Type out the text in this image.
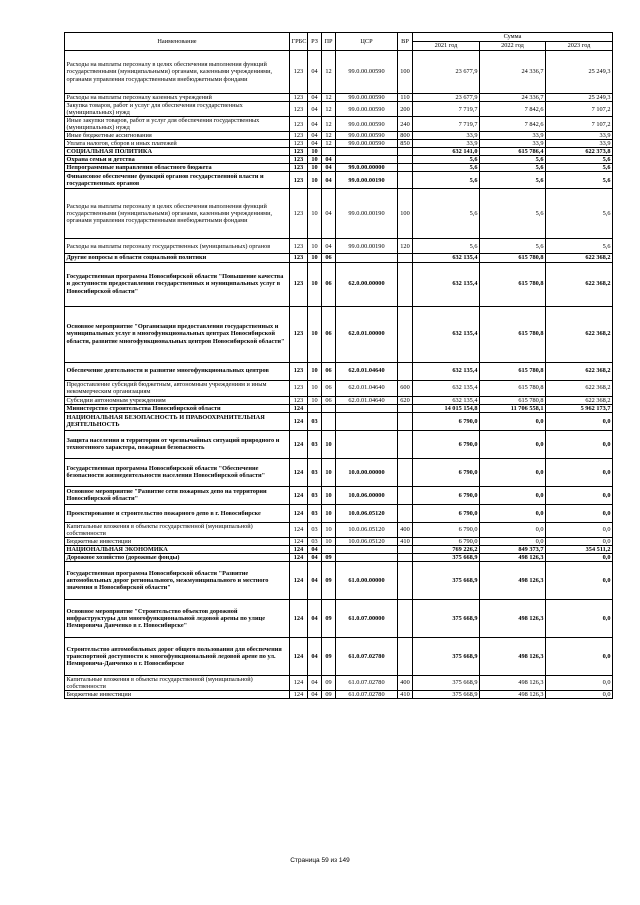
Наименование	ГРБС	РЗ	ПР	ЦСР	ВР	Сумма		
						2021 год	2022 год	2023 год
Расходы на выплаты персоналу в целях обеспечения выполнения функций государственными (муниципальными) органами, казенными учреждениями, органами управления государственными внебюджетными фондами	123	04	12	99.0.00.00590	100	23 677,9	24 336,7	25 249,3
Расходы на выплаты персоналу казенных учреждений	123	04	12	99.0.00.00590	110	23 677,9	24 336,7	25 249,3
Закупка товаров, работ и услуг для обеспечения государственных (муниципальных) нужд	123	04	12	99.0.00.00590	200	7 719,7	7 842,6	7 107,2
Иные закупки товаров, работ и услуг для обеспечения государственных (муниципальных) нужд	123	04	12	99.0.00.00590	240	7 719,7	7 842,6	7 107,2
Иные бюджетные ассигнования	123	04	12	99.0.00.00590	800	33,9	33,9	33,9
Уплата налогов, сборов и иных платежей	123	04	12	99.0.00.00590	850	33,9	33,9	33,9
СОЦИАЛЬНАЯ ПОЛИТИКА	123	10				632 141,0	615 786,4	622 373,8
Охрана семьи и детства	123	10	04			5,6	5,6	5,6
Непрограммные направления областного бюджета	123	10	04	99.0.00.00000		5,6	5,6	5,6
Финансовое обеспечение функций органов государственной власти и государственных органов	123	10	04	99.0.00.00190		5,6	5,6	5,6
Расходы на выплаты персоналу в целях обеспечения выполнения функций государственными (муниципальными) органами, казенными учреждениями, органами управления государственными внебюджетными фондами	123	10	04	99.0.00.00190	100	5,6	5,6	5,6
Расходы на выплаты персоналу государственных (муниципальных) органов	123	10	04	99.0.00.00190	120	5,6	5,6	5,6
Другие вопросы в области социальной политики	123	10	06			632 135,4	615 780,8	622 368,2
Государственная программа Новосибирской области "Повышение качества и доступности предоставления государственных и муниципальных услуг в Новосибирской области"	123	10	06	62.0.00.00000		632 135,4	615 780,8	622 368,2
Основное мероприятие "Организация предоставления государственных и муниципальных услуг в многофункциональных центрах Новосибирской области, развитие многофункциональных центров Новосибирской области"	123	10	06	62.0.01.00000		632 135,4	615 780,8	622 368,2
Обеспечение деятельности и развитие многофункциональных центров	123	10	06	62.0.01.04640		632 135,4	615 780,8	622 368,2
Предоставление субсидий бюджетным, автономным учреждениям и иным некоммерческим организациям	123	10	06	62.0.01.04640	600	632 135,4	615 780,8	622 368,2
Субсидии автономным учреждениям	123	10	06	62.0.01.04640	620	632 135,4	615 780,8	622 368,2
Министерство строительства Новосибирской области	124					14 015 154,8	11 706 558,1	5 962 173,7
НАЦИОНАЛЬНАЯ БЕЗОПАСНОСТЬ И ПРАВООХРАНИТЕЛЬНАЯ ДЕЯТЕЛЬНОСТЬ	124	03				6 790,0	0,0	0,0
Защита населения и территории от чрезвычайных ситуаций природного и техногенного характера, пожарная безопасность	124	03	10			6 790,0	0,0	0,0
Государственная программа Новосибирской области "Обеспечение безопасности жизнедеятельности населения Новосибирской области"	124	03	10	10.0.00.00000		6 790,0	0,0	0,0
Основное мероприятие "Развитие сети пожарных депо на территории Новосибирской области"	124	03	10	10.0.06.00000		6 790,0	0,0	0,0
Проектирование и строительство пожарного депо в г. Новосибирске	124	03	10	10.0.06.05120		6 790,0	0,0	0,0
Капитальные вложения в объекты государственной (муниципальной) собственности	124	03	10	10.0.06.05120	400	6 790,0	0,0	0,0
Бюджетные инвестиции	124	03	10	10.0.06.05120	410	6 790,0	0,0	0,0
НАЦИОНАЛЬНАЯ ЭКОНОМИКА	124	04				769 226,2	849 373,7	354 511,2
Дорожное хозяйство (дорожные фонды)	124	04	09			375 668,9	498 126,3	0,0
Государственная программа Новосибирской области "Развитие автомобильных дорог регионального, межмуниципального и местного значения в Новосибирской области"	124	04	09	61.0.00.00000		375 668,9	498 126,3	0,0
Основное мероприятие "Строительство объектов дорожной инфраструктуры для многофункциональной ледовой арены по улице Немировича Данченко в г. Новосибирске"	124	04	09	61.0.07.00000		375 668,9	498 126,3	0,0
Строительство автомобильных дорог общего пользования для обеспечения транспортной доступности к многофункциональной ледовой арене по ул. Немировича-Данченко в г. Новосибирске	124	04	09	61.0.07.02780		375 668,9	498 126,3	0,0
Капитальные вложения в объекты государственной (муниципальной) собственности	124	04	09	61.0.07.02780	400	375 668,9	498 126,3	0,0
Бюджетные инвестиции	124	04	09	61.0.07.02780	410	375 668,9	498 126,3	0,0
Страница 59 из 149
